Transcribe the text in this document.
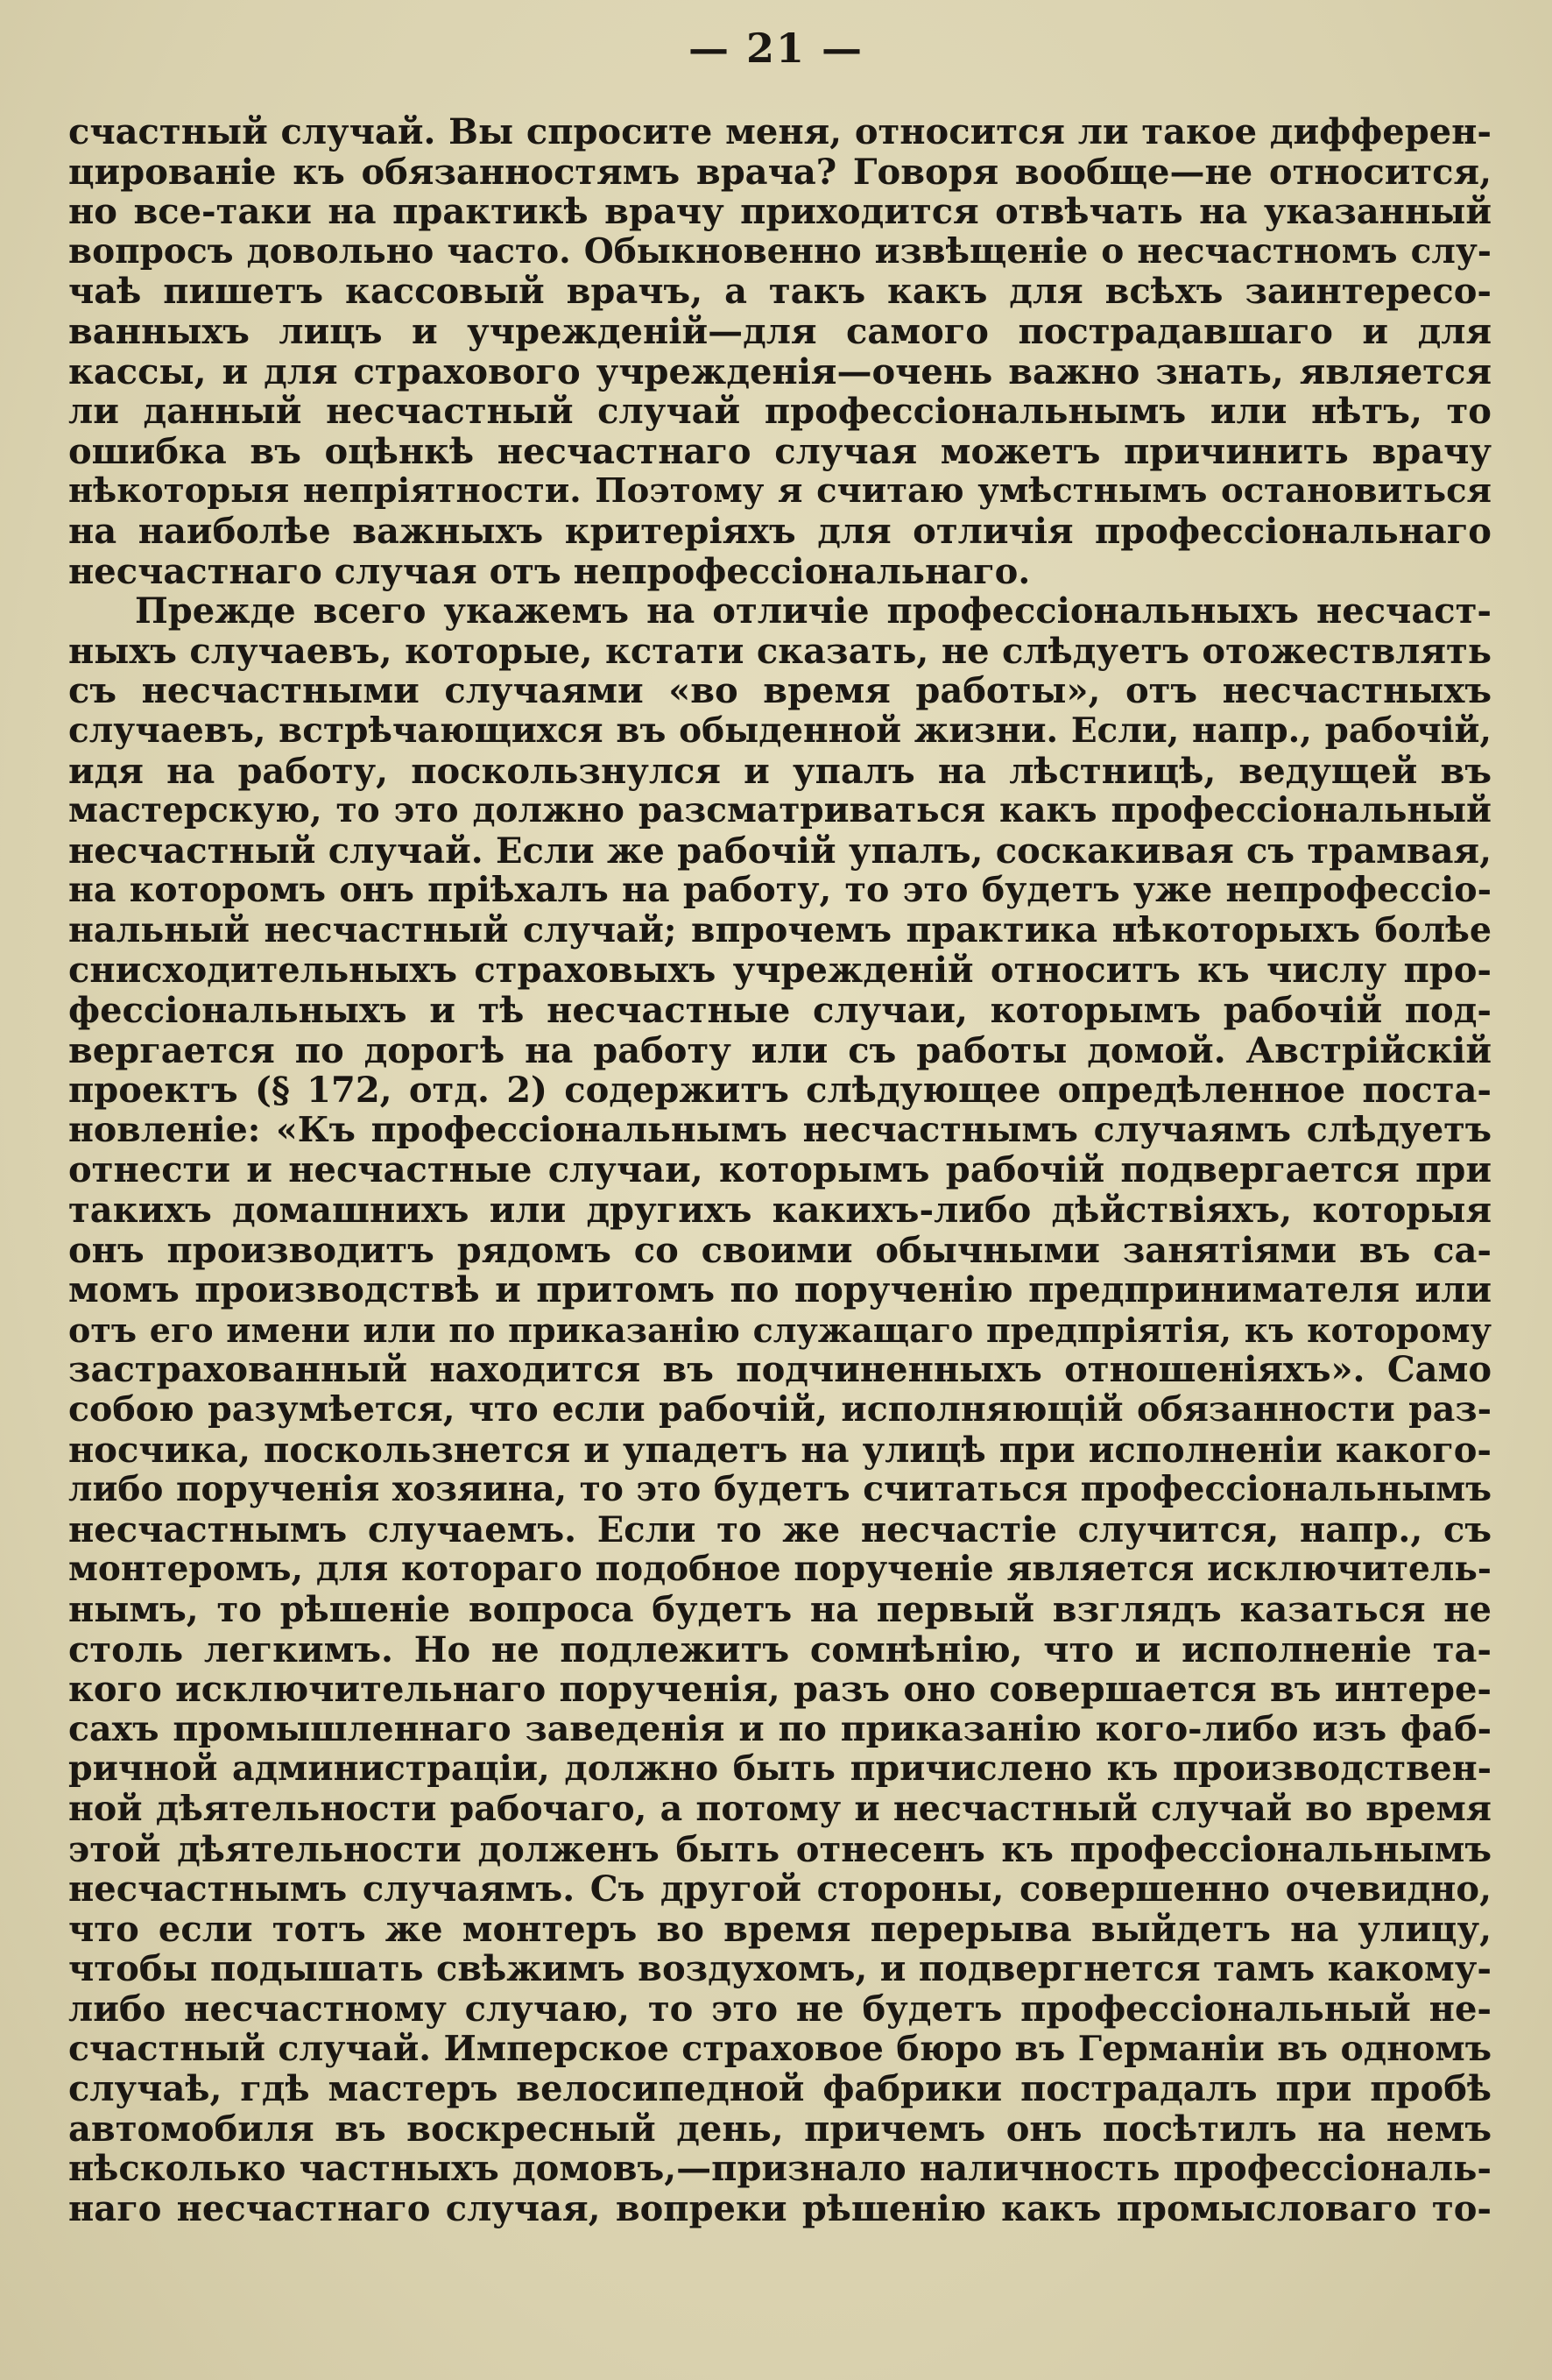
— 21 —
счастный случай. Вы спросите меня, относится ли такое дифферен-
цированіе къ обязанностямъ врача? Говоря вообще—не относится,
но все-таки на практикѣ врачу приходится отвѣчать на указанный
вопросъ довольно часто. Обыкновенно извѣщеніе о несчастномъ слу-
чаѣ пишетъ кассовый врачъ, а такъ какъ для всѣхъ заинтересо-
ванныхъ лицъ и учрежденій—для самого пострадавшаго и для
кассы, и для страхового учрежденія—очень важно знать, является
ли данный несчастный случай профессіональнымъ или нѣтъ, то
ошибка въ оцѣнкѣ несчастнаго случая можетъ причинить врачу
нѣкоторыя непріятности. Поэтому я считаю умѣстнымъ остановиться
на наиболѣе важныхъ критеріяхъ для отличія профессіональнаго
несчастнаго случая отъ непрофессіональнаго.
Прежде всего укажемъ на отличіе профессіональныхъ несчаст-
ныхъ случаевъ, которые, кстати сказать, не слѣдуетъ отожествлять
съ несчастными случаями «во время работы», отъ несчастныхъ
случаевъ, встрѣчающихся въ обыденной жизни. Если, напр., рабочій,
идя на работу, поскользнулся и упалъ на лѣстницѣ, ведущей въ
мастерскую, то это должно разсматриваться какъ профессіональный
несчастный случай. Если же рабочій упалъ, соскакивая съ трамвая,
на которомъ онъ пріѣхалъ на работу, то это будетъ уже непрофессіо-
нальный несчастный случай; впрочемъ практика нѣкоторыхъ болѣе
снисходительныхъ страховыхъ учрежденій относитъ къ числу про-
фессіональныхъ и тѣ несчастные случаи, которымъ рабочій под-
вергается по дорогѣ на работу или съ работы домой. Австрійскій
проектъ (§ 172, отд. 2) содержитъ слѣдующее опредѣленное поста-
новленіе: «Къ профессіональнымъ несчастнымъ случаямъ слѣдуетъ
отнести и несчастные случаи, которымъ рабочій подвергается при
такихъ домашнихъ или другихъ какихъ-либо дѣйствіяхъ, которыя
онъ производитъ рядомъ со своими обычными занятіями въ са-
момъ производствѣ и притомъ по порученію предпринимателя или
отъ его имени или по приказанію служащаго предпріятія, къ которому
застрахованный находится въ подчиненныхъ отношеніяхъ». Само
собою разумѣется, что если рабочій, исполняющій обязанности раз-
носчика, поскользнется и упадетъ на улицѣ при исполненіи какого-
либо порученія хозяина, то это будетъ считаться профессіональнымъ
несчастнымъ случаемъ. Если то же несчастіе случится, напр., съ
монтеромъ, для котораго подобное порученіе является исключитель-
нымъ, то рѣшеніе вопроса будетъ на первый взглядъ казаться не
столь легкимъ. Но не подлежитъ сомнѣнію, что и исполненіе та-
кого исключительнаго порученія, разъ оно совершается въ интере-
сахъ промышленнаго заведенія и по приказанію кого-либо изъ фаб-
ричной администраціи, должно быть причислено къ производствен-
ной дѣятельности рабочаго, а потому и несчастный случай во время
этой дѣятельности долженъ быть отнесенъ къ профессіональнымъ
несчастнымъ случаямъ. Съ другой стороны, совершенно очевидно,
что если тотъ же монтеръ во время перерыва выйдетъ на улицу,
чтобы подышать свѣжимъ воздухомъ, и подвергнется тамъ какому-
либо несчастному случаю, то это не будетъ профессіональный не-
счастный случай. Имперское страховое бюро въ Германіи въ одномъ
случаѣ, гдѣ мастеръ велосипедной фабрики пострадалъ при пробѣ
автомобиля въ воскресный день, причемъ онъ посѣтилъ на немъ
нѣсколько частныхъ домовъ,—признало наличность профессіональ-
наго несчастнаго случая, вопреки рѣшенію какъ промысловаго то-
